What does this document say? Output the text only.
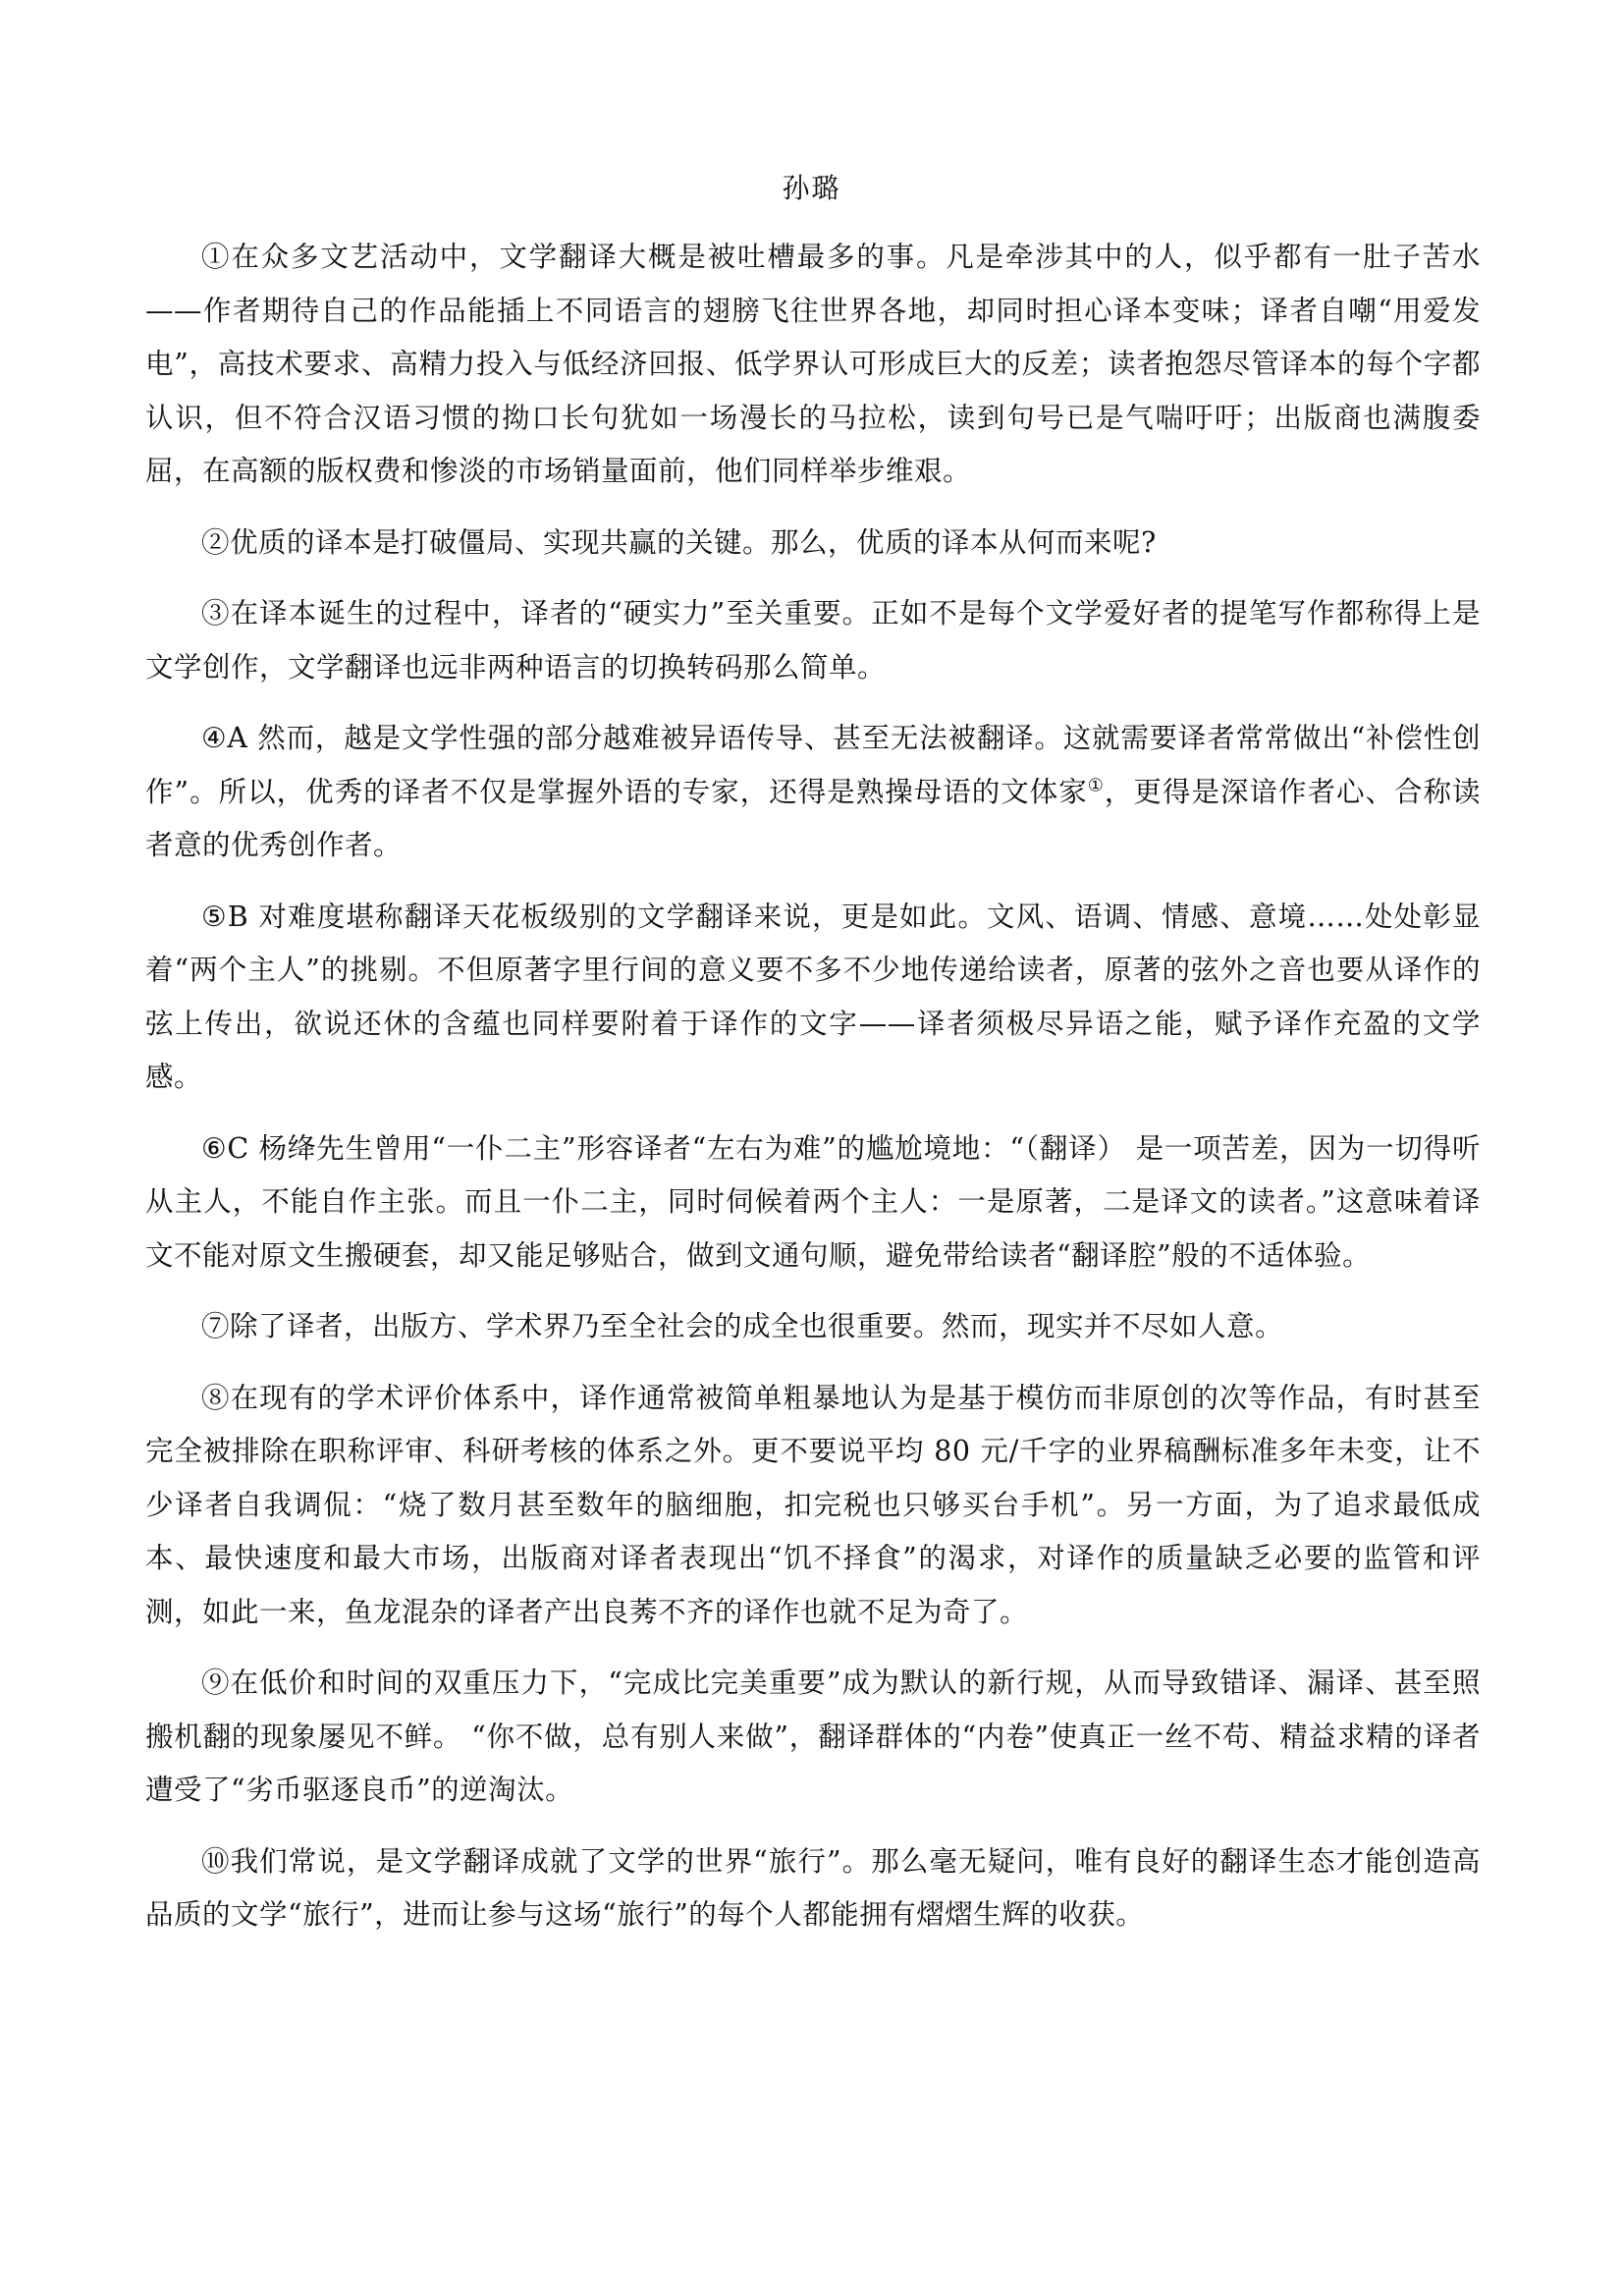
孙璐

①在众多文艺活动中，文学翻译大概是被吐槽最多的事。凡是牵涉其中的人，似乎都有一肚子苦水——作者期待自己的作品能插上不同语言的翅膀飞往世界各地，却同时担心译本变味；译者自嘲“用爱发电”，高技术要求、高精力投入与低经济回报、低学界认可形成巨大的反差；读者抱怨尽管译本的每个字都认识，但不符合汉语习惯的拗口长句犹如一场漫长的马拉松，读到句号已是气喘吁吁；出版商也满腹委屈，在高额的版权费和惨淡的市场销量面前，他们同样举步维艰。

②优质的译本是打破僵局、实现共赢的关键。那么，优质的译本从何而来呢?

③在译本诞生的过程中，译者的“硬实力”至关重要。正如不是每个文学爱好者的提笔写作都称得上是文学创作，文学翻译也远非两种语言的切换转码那么简单。

④A 然而，越是文学性强的部分越难被异语传导、甚至无法被翻译。这就需要译者常常做出“补偿性创作”。所以，优秀的译者不仅是掌握外语的专家，还得是熟操母语的文体家①，更得是深谙作者心、合称读者意的优秀创作者。

⑤B 对难度堪称翻译天花板级别的文学翻译来说，更是如此。文风、语调、情感、意境……处处彰显着“两个主人”的挑剔。不但原著字里行间的意义要不多不少地传递给读者，原著的弦外之音也要从译作的弦上传出，欲说还休的含蕴也同样要附着于译作的文字——译者须极尽异语之能，赋予译作充盈的文学感。

⑥C 杨绛先生曾用“一仆二主”形容译者“左右为难”的尴尬境地：“（翻译） 是一项苦差，因为一切得听从主人，不能自作主张。而且一仆二主，同时伺候着两个主人：一是原著，二是译文的读者。”这意味着译文不能对原文生搬硬套，却又能足够贴合，做到文通句顺，避免带给读者“翻译腔”般的不适体验。

⑦除了译者，出版方、学术界乃至全社会的成全也很重要。然而，现实并不尽如人意。

⑧在现有的学术评价体系中，译作通常被简单粗暴地认为是基于模仿而非原创的次等作品，有时甚至完全被排除在职称评审、科研考核的体系之外。更不要说平均 80 元/千字的业界稿酬标准多年未变，让不少译者自我调侃：“烧了数月甚至数年的脑细胞，扣完税也只够买台手机”。另一方面，为了追求最低成本、最快速度和最大市场，出版商对译者表现出“饥不择食”的渴求，对译作的质量缺乏必要的监管和评测，如此一来，鱼龙混杂的译者产出良莠不齐的译作也就不足为奇了。

⑨在低价和时间的双重压力下，“完成比完美重要”成为默认的新行规，从而导致错译、漏译、甚至照搬机翻的现象屡见不鲜。 “你不做，总有别人来做”，翻译群体的“内卷”使真正一丝不苟、精益求精的译者遭受了“劣币驱逐良币”的逆淘汰。

⑩我们常说，是文学翻译成就了文学的世界“旅行”。那么毫无疑问，唯有良好的翻译生态才能创造高品质的文学“旅行”，进而让参与这场“旅行”的每个人都能拥有熠熠生辉的收获。
